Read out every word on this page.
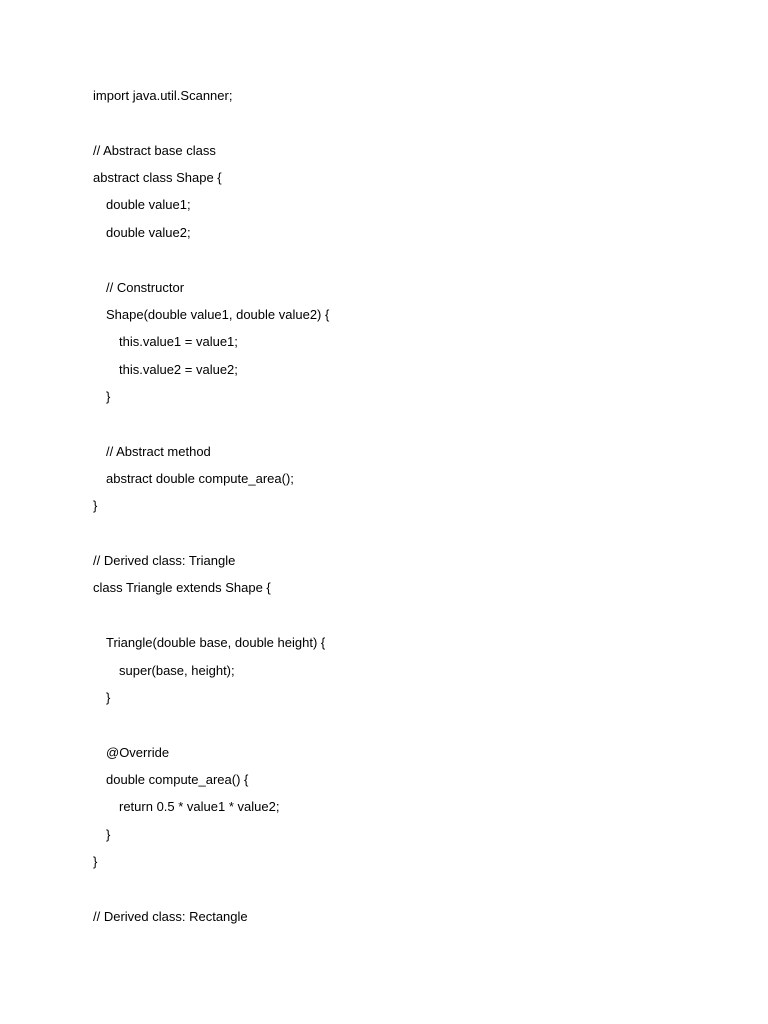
import java.util.Scanner;
// Abstract base class
abstract class Shape {
double value1;
double value2;
// Constructor
Shape(double value1, double value2) {
this.value1 = value1;
this.value2 = value2;
}
// Abstract method
abstract double compute_area();
}
// Derived class: Triangle
class Triangle extends Shape {
Triangle(double base, double height) {
super(base, height);
}
@Override
double compute_area() {
return 0.5 * value1 * value2;
}
}
// Derived class: Rectangle
